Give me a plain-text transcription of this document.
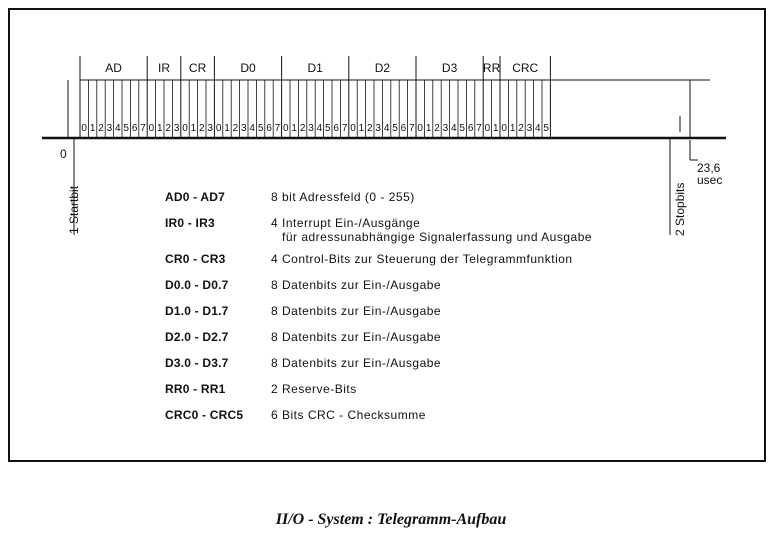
AD	IR CR	D0	D1	D2	D3 RR CRC
0 1 2 3 4 5 6 7 0 1 2 3 0 1 2 3 0 1 2 3 4 5 6 7 0 1 2 3 4 5 6 7 0 1 2 3 4 5 6 7 0 1 2 3 4 5 6 7 0 1 0 1 2 3 4 5
0
1 Startbit	2 Stopbits
23,6
usec
AD0 - AD7	8 bit Adressfeld (0 - 255)
IR0 - IR3	4 Interrupt Ein-/Ausgänge
für adressunabhängige Signalerfassung und Ausgabe
CR0 - CR3	4 Control-Bits zur Steuerung der Telegrammfunktion
D0.0 - D0.7	8 Datenbits zur Ein-/Ausgabe
D1.0 - D1.7	8 Datenbits zur Ein-/Ausgabe
D2.0 - D2.7	8 Datenbits zur Ein-/Ausgabe
D3.0 - D3.7	8 Datenbits zur Ein-/Ausgabe
RR0 - RR1	2 Reserve-Bits
CRC0 - CRC5 6 Bits CRC - Checksumme
II/O - System : Telegramm-Aufbau
